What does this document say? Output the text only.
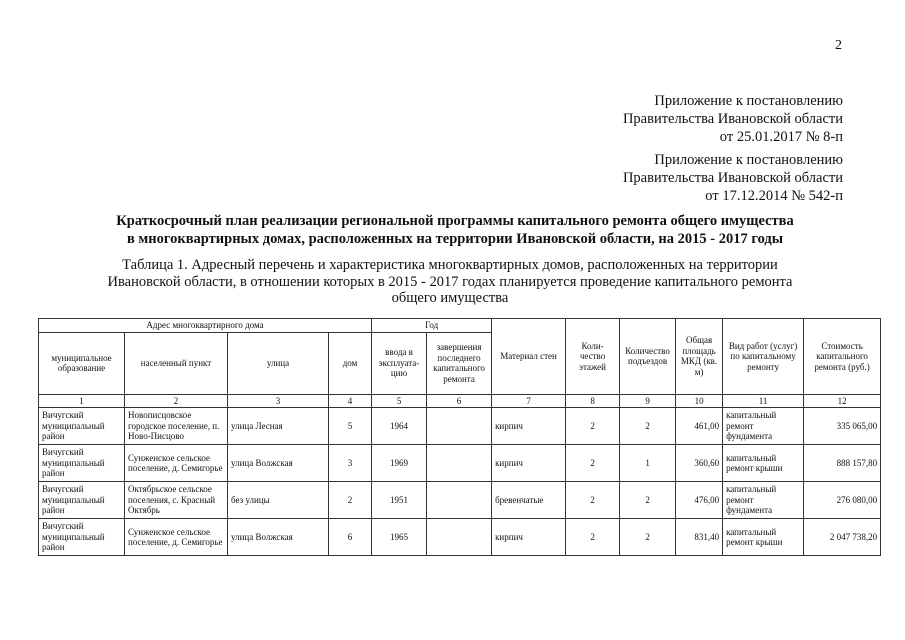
2
Приложение к постановлению
Правительства Ивановской области
от 25.01.2017 № 8-п
Приложение к постановлению
Правительства Ивановской области
от 17.12.2014 № 542-п
Краткосрочный план реализации региональной программы капитального ремонта общего имущества
в многоквартирных домах, расположенных на территории Ивановской области, на 2015 - 2017 годы
Таблица 1. Адресный перечень и характеристика многоквартирных домов, расположенных на территории
Ивановской области, в отношении которых в 2015 - 2017 годах планируется проведение капитального ремонта
общего имущества
Адрес многоквартирного дома				Год		Материал стен	Коли-чество этажей	Количество подъездов	Общая площадь МКД (кв. м)	Вид работ (услуг) по капитальному ремонту	Стоимость капитального ремонта (руб.)
муниципальное образование	населенный пункт	улица	дом	ввода в эксплуата-цию	завершения последнего капитального ремонта						
1	2	3	4	5	6	7	8	9	10	11	12
Вичугский муниципальный район	Новописцовское городское поселение, п. Ново-Писцово	улица Лесная	5	1964		кирпич	2	2	461,00	капитальный ремонт фундамента	335 065,00
Вичугский муниципальный район	Сунженское сельское поселение, д. Семигорье	улица Волжская	3	1969		кирпич	2	1	360,60	капитальный ремонт крыши	888 157,80
Вичугский муниципальный район	Октябрьское сельское поселения, с. Красный Октябрь	без улицы	2	1951		бревенчатые	2	2	476,00	капитальный ремонт фундамента	276 080,00
Вичугский муниципальный район	Сунженское сельское поселение, д. Семигорье	улица Волжская	6	1965		кирпич	2	2	831,40	капитальный ремонт крыши	2 047 738,20
